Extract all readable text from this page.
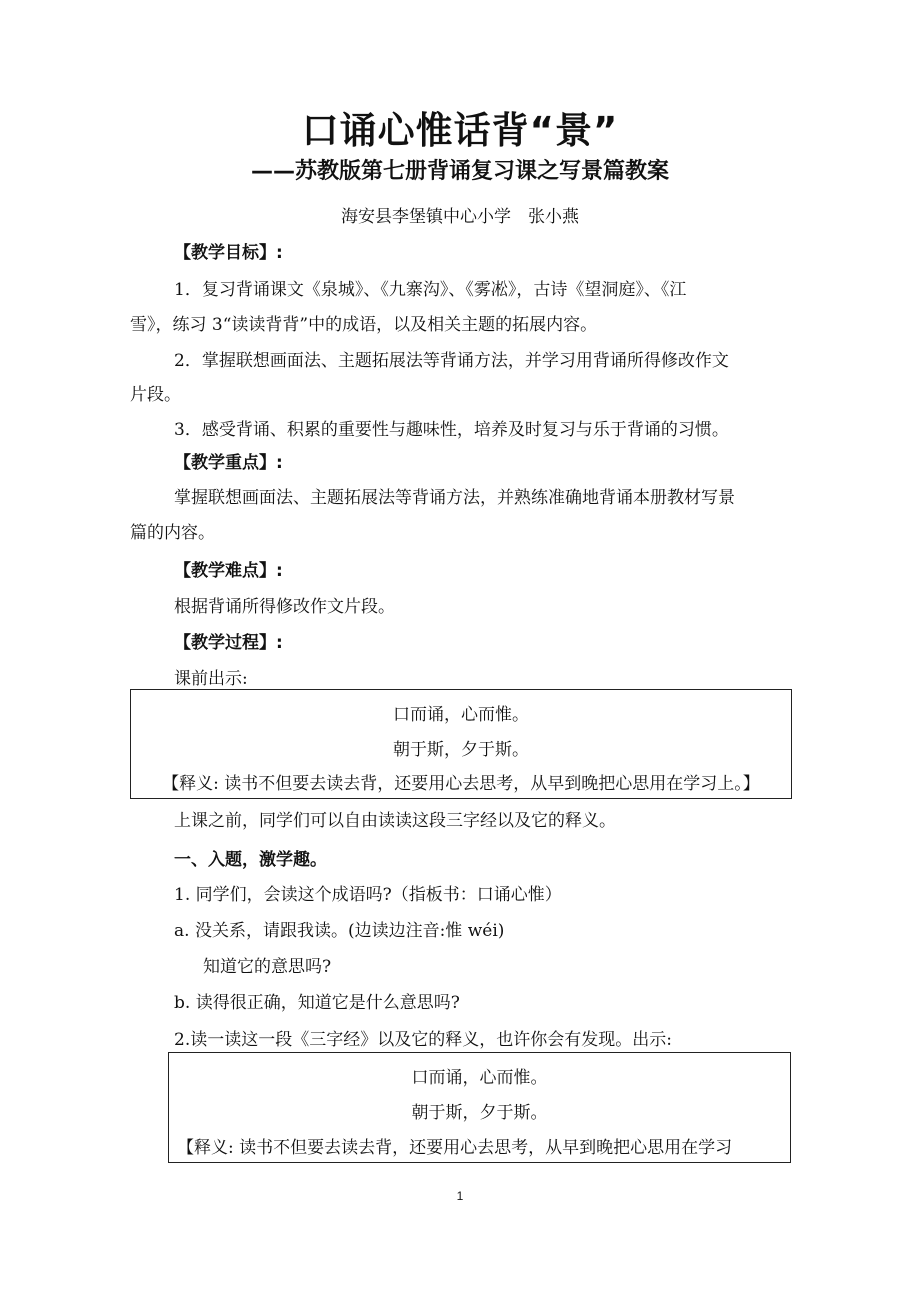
口诵心惟话背“景”
——苏教版第七册背诵复习课之写景篇教案
海安县李堡镇中心小学　张小燕
【教学目标】:
1．复习背诵课文《泉城》、《九寨沟》、《雾凇》，古诗《望洞庭》、《江
雪》，练习 3“读读背背”中的成语，以及相关主题的拓展内容。
2．掌握联想画面法、主题拓展法等背诵方法，并学习用背诵所得修改作文
片段。
3．感受背诵、积累的重要性与趣味性，培养及时复习与乐于背诵的习惯。
【教学重点】:
掌握联想画面法、主题拓展法等背诵方法，并熟练准确地背诵本册教材写景
篇的内容。
【教学难点】:
根据背诵所得修改作文片段。
【教学过程】:
课前出示:
口而诵，心而惟。
朝于斯，夕于斯。
【释义: 读书不但要去读去背，还要用心去思考，从早到晚把心思用在学习上。】
上课之前，同学们可以自由读读这段三字经以及它的释义。
一、入题，激学趣。
1. 同学们，会读这个成语吗?（指板书：口诵心惟）
a. 没关系，请跟我读。(边读边注音:惟 wéi)
知道它的意思吗?
b. 读得很正确，知道它是什么意思吗?
2.读一读这一段《三字经》以及它的释义，也许你会有发现。出示:
口而诵，心而惟。
朝于斯，夕于斯。
【释义: 读书不但要去读去背，还要用心去思考，从早到晚把心思用在学习
1
